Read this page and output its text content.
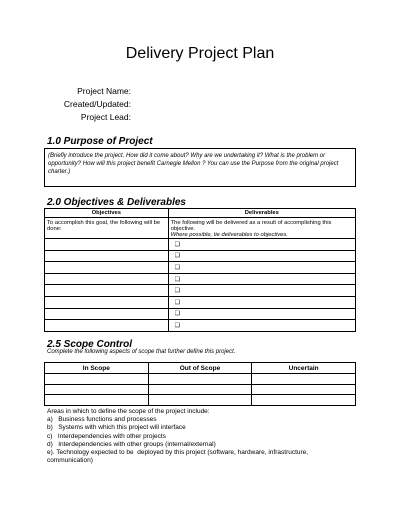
Delivery Project Plan
Project Name:
Created/Updated:
Project Lead:
1.0 Purpose of Project
(Briefly introduce the project. How did it come about? Why are we undertaking it? What is the problem or opportunity? How will this project benefit Carnegie Mellon ? You can use the Purpose from the original project charter.)
2.0 Objectives & Deliverables
Objectives	Deliverables
To accomplish this goal, the following will be done:	The following will be delivered as a result of accomplishing this objective.
Where possible, tie deliverables to objectives.

	❑
	❑
	❑
	❑
	❑
	❑
	❑
	❑
2.5 Scope Control
Complete the following aspects of scope that further define this project.
In Scope	Out of Scope	Uncertain

Areas in which to define the scope of the project include:
a)   Business functions and processes
b)   Systems with which this project will interface
c)   Interdependencies with other projects
d)   Interdependencies with other groups (internal/external)
e). Technology expected to be  deployed by this project (software, hardware, infrastructure,
communication)
